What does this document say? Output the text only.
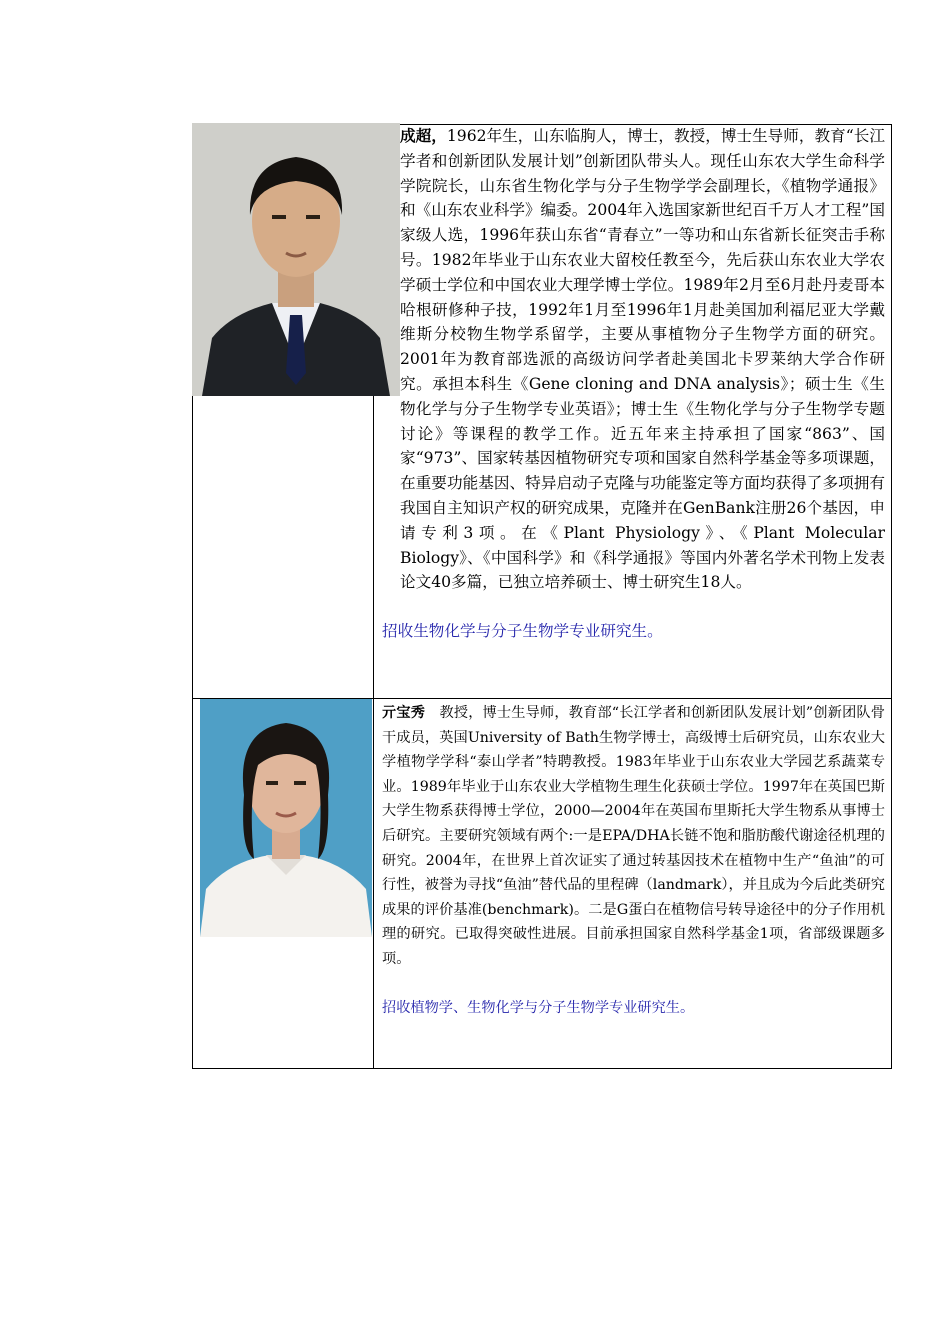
成超，1962年生，山东临朐人，博士，教授，博士生导师，教育“长江学者和创新团队发展计划”创新团队带头人。现任山东农大学生命科学学院院长，山东省生物化学与分子生物学学会副理长，《植物学通报》和《山东农业科学》编委。2004年入选国家新世纪百千万人才工程”国家级人选，1996年获山东省“青春立”一等功和山东省新长征突击手称号。1982年毕业于山东农业大留校任教至今，先后获山东农业大学农学硕士学位和中国农业大理学博士学位。1989年2月至6月赴丹麦哥本哈根研修种子技，1992年1月至1996年1月赴美国加利福尼亚大学戴维斯分校物生物学系留学，主要从事植物分子生物学方面的研究。2001年为教育部选派的高级访问学者赴美国北卡罗莱纳大学合作研究。承担本科生《Gene cloning and DNA analysis》；硕士生《生物化学与分子生物学专业英语》；博士生《生物化学与分子生物学专题讨论》等课程的教学工作。近五年来主持承担了国家“863”、国家“973”、国家转基因植物研究专项和国家自然科学基金等多项课题，在重要功能基因、特异启动子克隆与功能鉴定等方面均获得了多项拥有我国自主知识产权的研究成果，克隆并在GenBank注册26个基因，申请专利3项。在《Plant Physiology》、《Plant Molecular Biology》、《中国科学》和《科学通报》等国内外著名学术刊物上发表论文40多篇，已独立培养硕士、博士研究生18人。
招收生物化学与分子生物学专业研究生。
亓宝秀　 教授，博士生导师，教育部“长江学者和创新团队发展计划”创新团队骨干成员，英国University of Bath生物学博士，高级博士后研究员，山东农业大学植物学学科“泰山学者”特聘教授。1983年毕业于山东农业大学园艺系蔬菜专业。1989年毕业于山东农业大学植物生理生化获硕士学位。1997年在英国巴斯大学生物系获得博士学位，2000—2004年在英国布里斯托大学生物系从事博士后研究。主要研究领域有两个:一是EPA/DHA长链不饱和脂肪酸代谢途径机理的研究。2004年，在世界上首次证实了通过转基因技术在植物中生产“鱼油”的可行性，被誉为寻找“鱼油”替代品的里程碑（landmark），并且成为今后此类研究成果的评价基准(benchmark)。二是G蛋白在植物信号转导途径中的分子作用机理的研究。已取得突破性进展。目前承担国家自然科学基金1项，省部级课题多项。
招收植物学、生物化学与分子生物学专业研究生。
